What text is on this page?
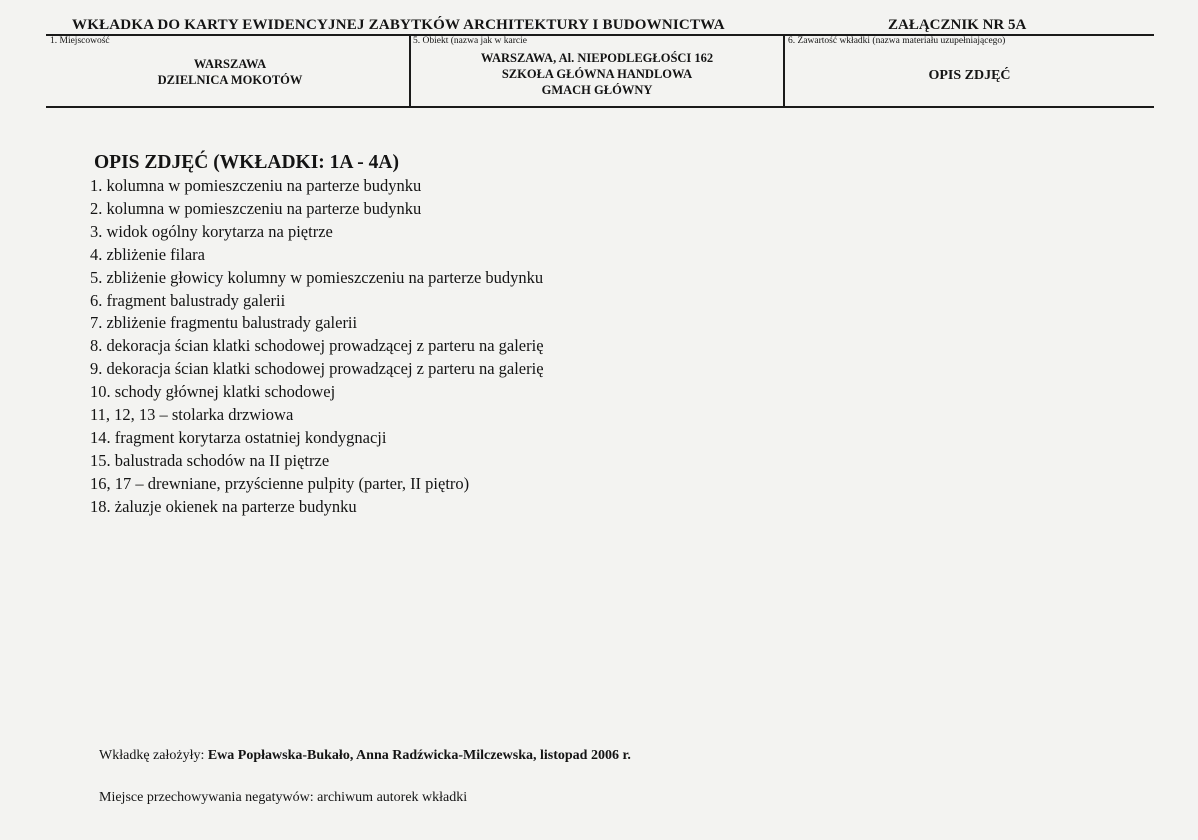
WKŁADKA DO KARTY EWIDENCYJNEJ ZABYTKÓW ARCHITEKTURY I BUDOWNICTWA	ZAŁĄCZNIK NR 5A
1. Miejscowość
WARSZAWA
DZIELNICA MOKOTÓW
5. Obiekt (nazwa jak w karcie
WARSZAWA, Al. NIEPODLEGŁOŚCI 162
SZKOŁA GŁÓWNA HANDLOWA
GMACH GŁÓWNY
6. Zawartość wkładki (nazwa materiału uzupełniającego)
OPIS ZDJĘĆ
OPIS ZDJĘĆ (WKŁADKI: 1A - 4A)
1. kolumna w pomieszczeniu na parterze budynku
2. kolumna w pomieszczeniu na parterze budynku
3. widok ogólny korytarza na piętrze
4. zbliżenie filara
5. zbliżenie głowicy kolumny w pomieszczeniu na parterze budynku
6. fragment balustrady galerii
7. zbliżenie fragmentu balustrady galerii
8. dekoracja ścian klatki schodowej prowadzącej z parteru na galerię
9. dekoracja ścian klatki schodowej prowadzącej z parteru na galerię
10. schody głównej klatki schodowej
11, 12, 13 – stolarka drzwiowa
14. fragment korytarza ostatniej kondygnacji
15. balustrada schodów na II piętrze
16, 17 – drewniane, przyścienne pulpity (parter, II piętro)
18. żaluzje okienek na parterze budynku
Wkładkę założyły: Ewa Popławska-Bukało, Anna Radźwicka-Milczewska, listopad 2006 r.
Miejsce przechowywania negatywów: archiwum autorek wkładki
